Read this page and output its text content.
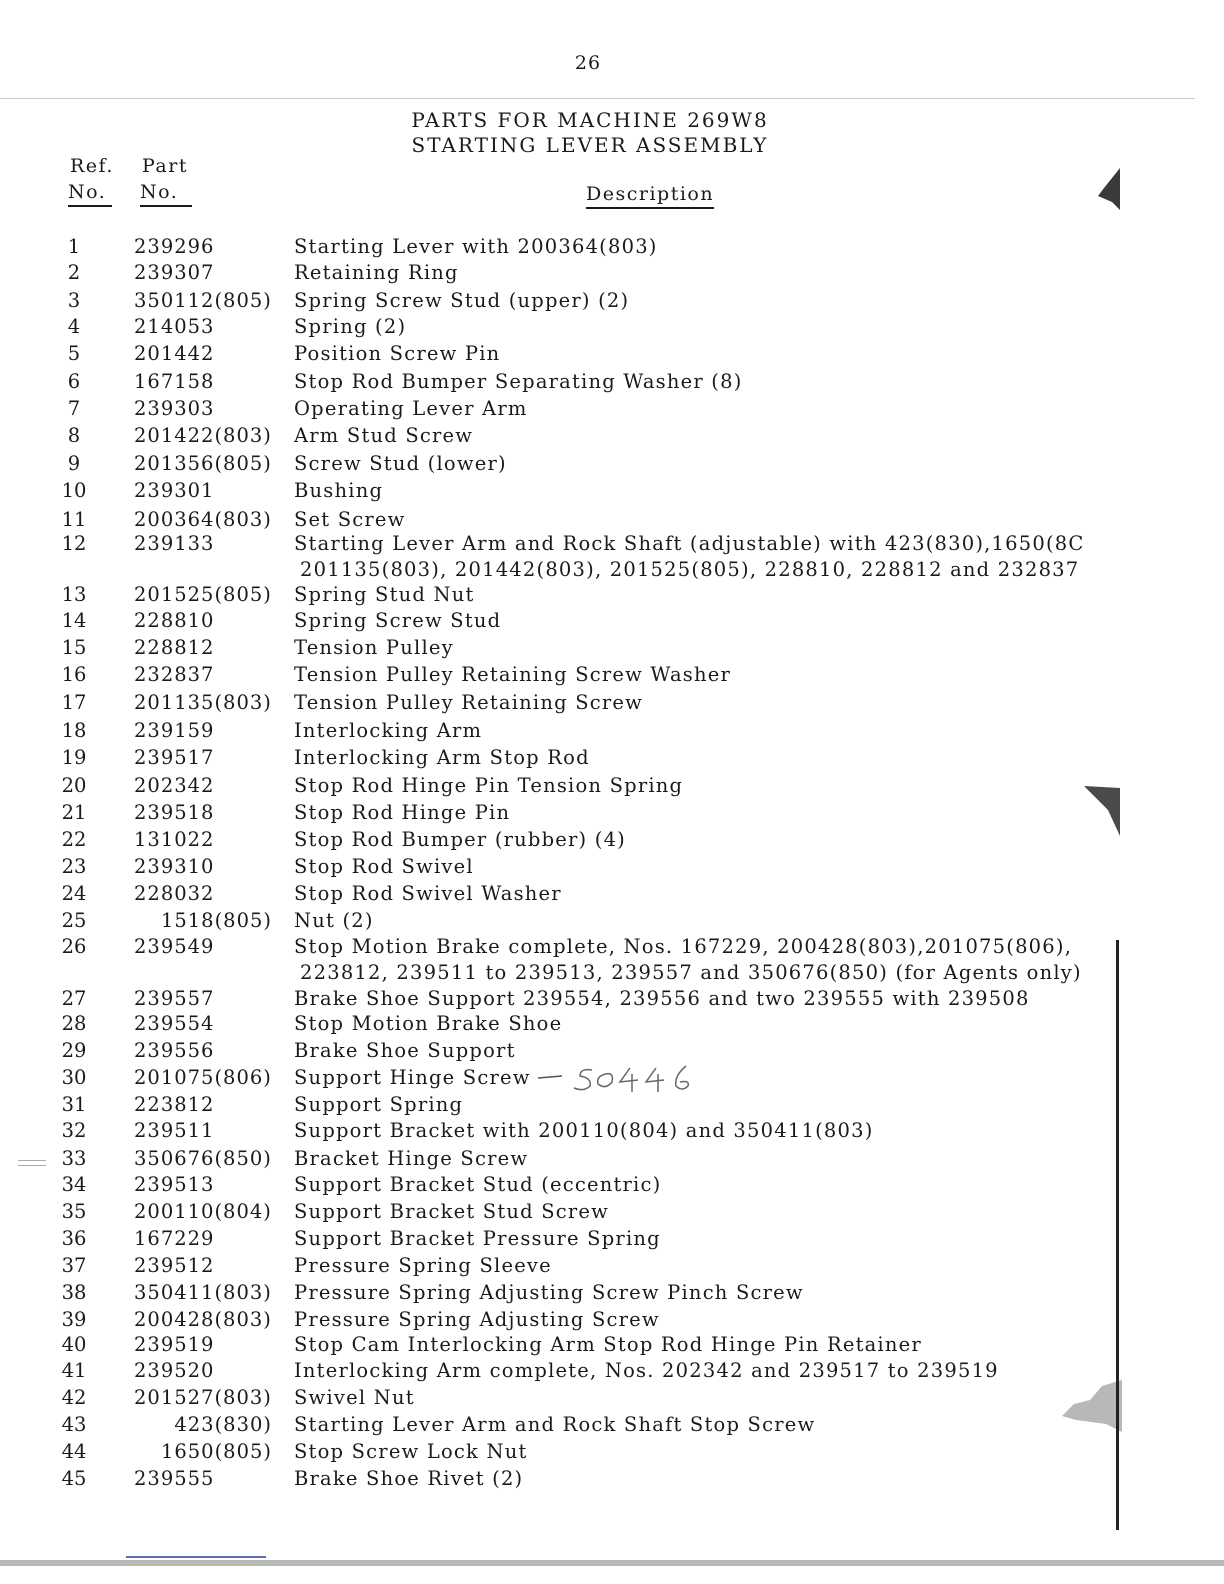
26
PARTS FOR MACHINE 269W8
STARTING LEVER ASSEMBLY
Ref.
No.
Part
No.	Description
1	239296	Starting Lever with 200364(803)
2	239307	Retaining Ring
3	350112(805)	Spring Screw Stud (upper) (2)
4	214053	Spring (2)
5	201442	Position Screw Pin
6	167158	Stop Rod Bumper Separating Washer (8)
7	239303	Operating Lever Arm
8	201422(803)	Arm Stud Screw
9	201356(805)	Screw Stud (lower)
10	239301	Bushing
11	200364(803)	Set Screw
12	239133	Starting Lever Arm and Rock Shaft (adjustable) with 423(830),1650(8C
201135(803), 201442(803), 201525(805), 228810, 228812 and 232837
13	201525(805)	Spring Stud Nut
14	228810	Spring Screw Stud
15	228812	Tension Pulley
16	232837	Tension Pulley Retaining Screw Washer
17	201135(803)	Tension Pulley Retaining Screw
18	239159	Interlocking Arm
19	239517	Interlocking Arm Stop Rod
20	202342	Stop Rod Hinge Pin Tension Spring
21	239518	Stop Rod Hinge Pin
22	131022	Stop Rod Bumper (rubber) (4)
23	239310	Stop Rod Swivel
24	228032	Stop Rod Swivel Washer
25	1518(805) Nut (2)
26	239549	Stop Motion Brake complete, Nos. 167229, 200428(803),201075(806),
223812, 239511 to 239513, 239557 and 350676(850) (for Agents only)
27	239557	Brake Shoe Support 239554, 239556 and two 239555 with 239508
28	239554	Stop Motion Brake Shoe
29	239556	Brake Shoe Support
30	201075(806)	Support Hinge Screw
31	223812	Support Spring
32	239511	Support Bracket with 200110(804) and 350411(803)
33	350676(850)	Bracket Hinge Screw
34	239513	Support Bracket Stud (eccentric)
35	200110(804)	Support Bracket Stud Screw
36	167229	Support Bracket Pressure Spring
37	239512	Pressure Spring Sleeve
38	350411(803)	Pressure Spring Adjusting Screw Pinch Screw
39	200428(803)	Pressure Spring Adjusting Screw
40	239519	Stop Cam Interlocking Arm Stop Rod Hinge Pin Retainer
41	239520	Interlocking Arm complete, Nos. 202342 and 239517 to 239519
42	201527(803)	Swivel Nut
43	423(830) Starting Lever Arm and Rock Shaft Stop Screw
44	1650(805) Stop Screw Lock Nut
45	239555	Brake Shoe Rivet (2)
